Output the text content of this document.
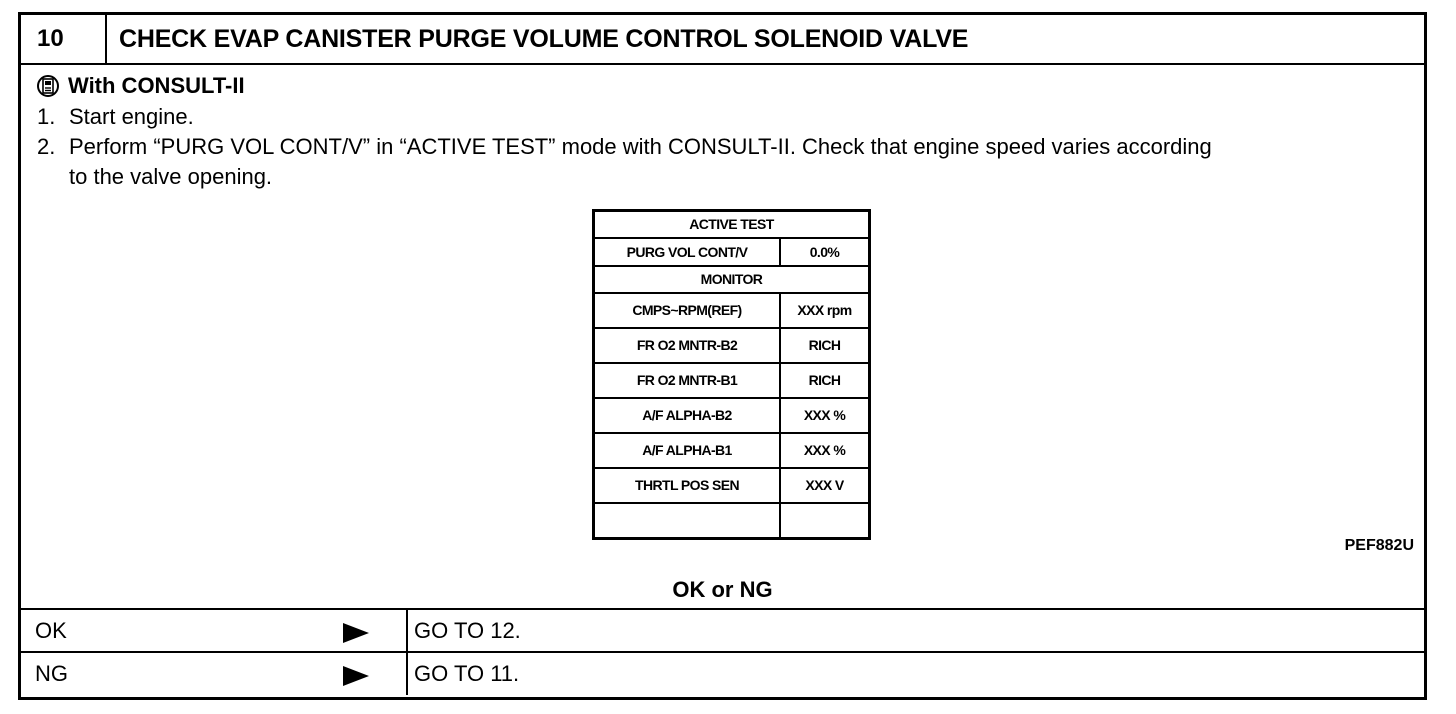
10	CHECK EVAP CANISTER PURGE VOLUME CONTROL SOLENOID VALVE
With CONSULT-II
1. Start engine.
2. Perform “PURG VOL CONT/V” in “ACTIVE TEST” mode with CONSULT-II. Check that engine speed varies according
to the valve opening.
ACTIVE TEST
PURG VOL CONT/V	0.0%
MONITOR
CMPS~RPM(REF)	XXX rpm
FR O2 MNTR-B2	RICH
FR O2 MNTR-B1	RICH
A/F ALPHA-B2	XXX %
A/F ALPHA-B1	XXX %
THRTL POS SEN	XXX V
PEF882U
OK or NG
OK	GO TO 12.
NG	GO TO 11.
